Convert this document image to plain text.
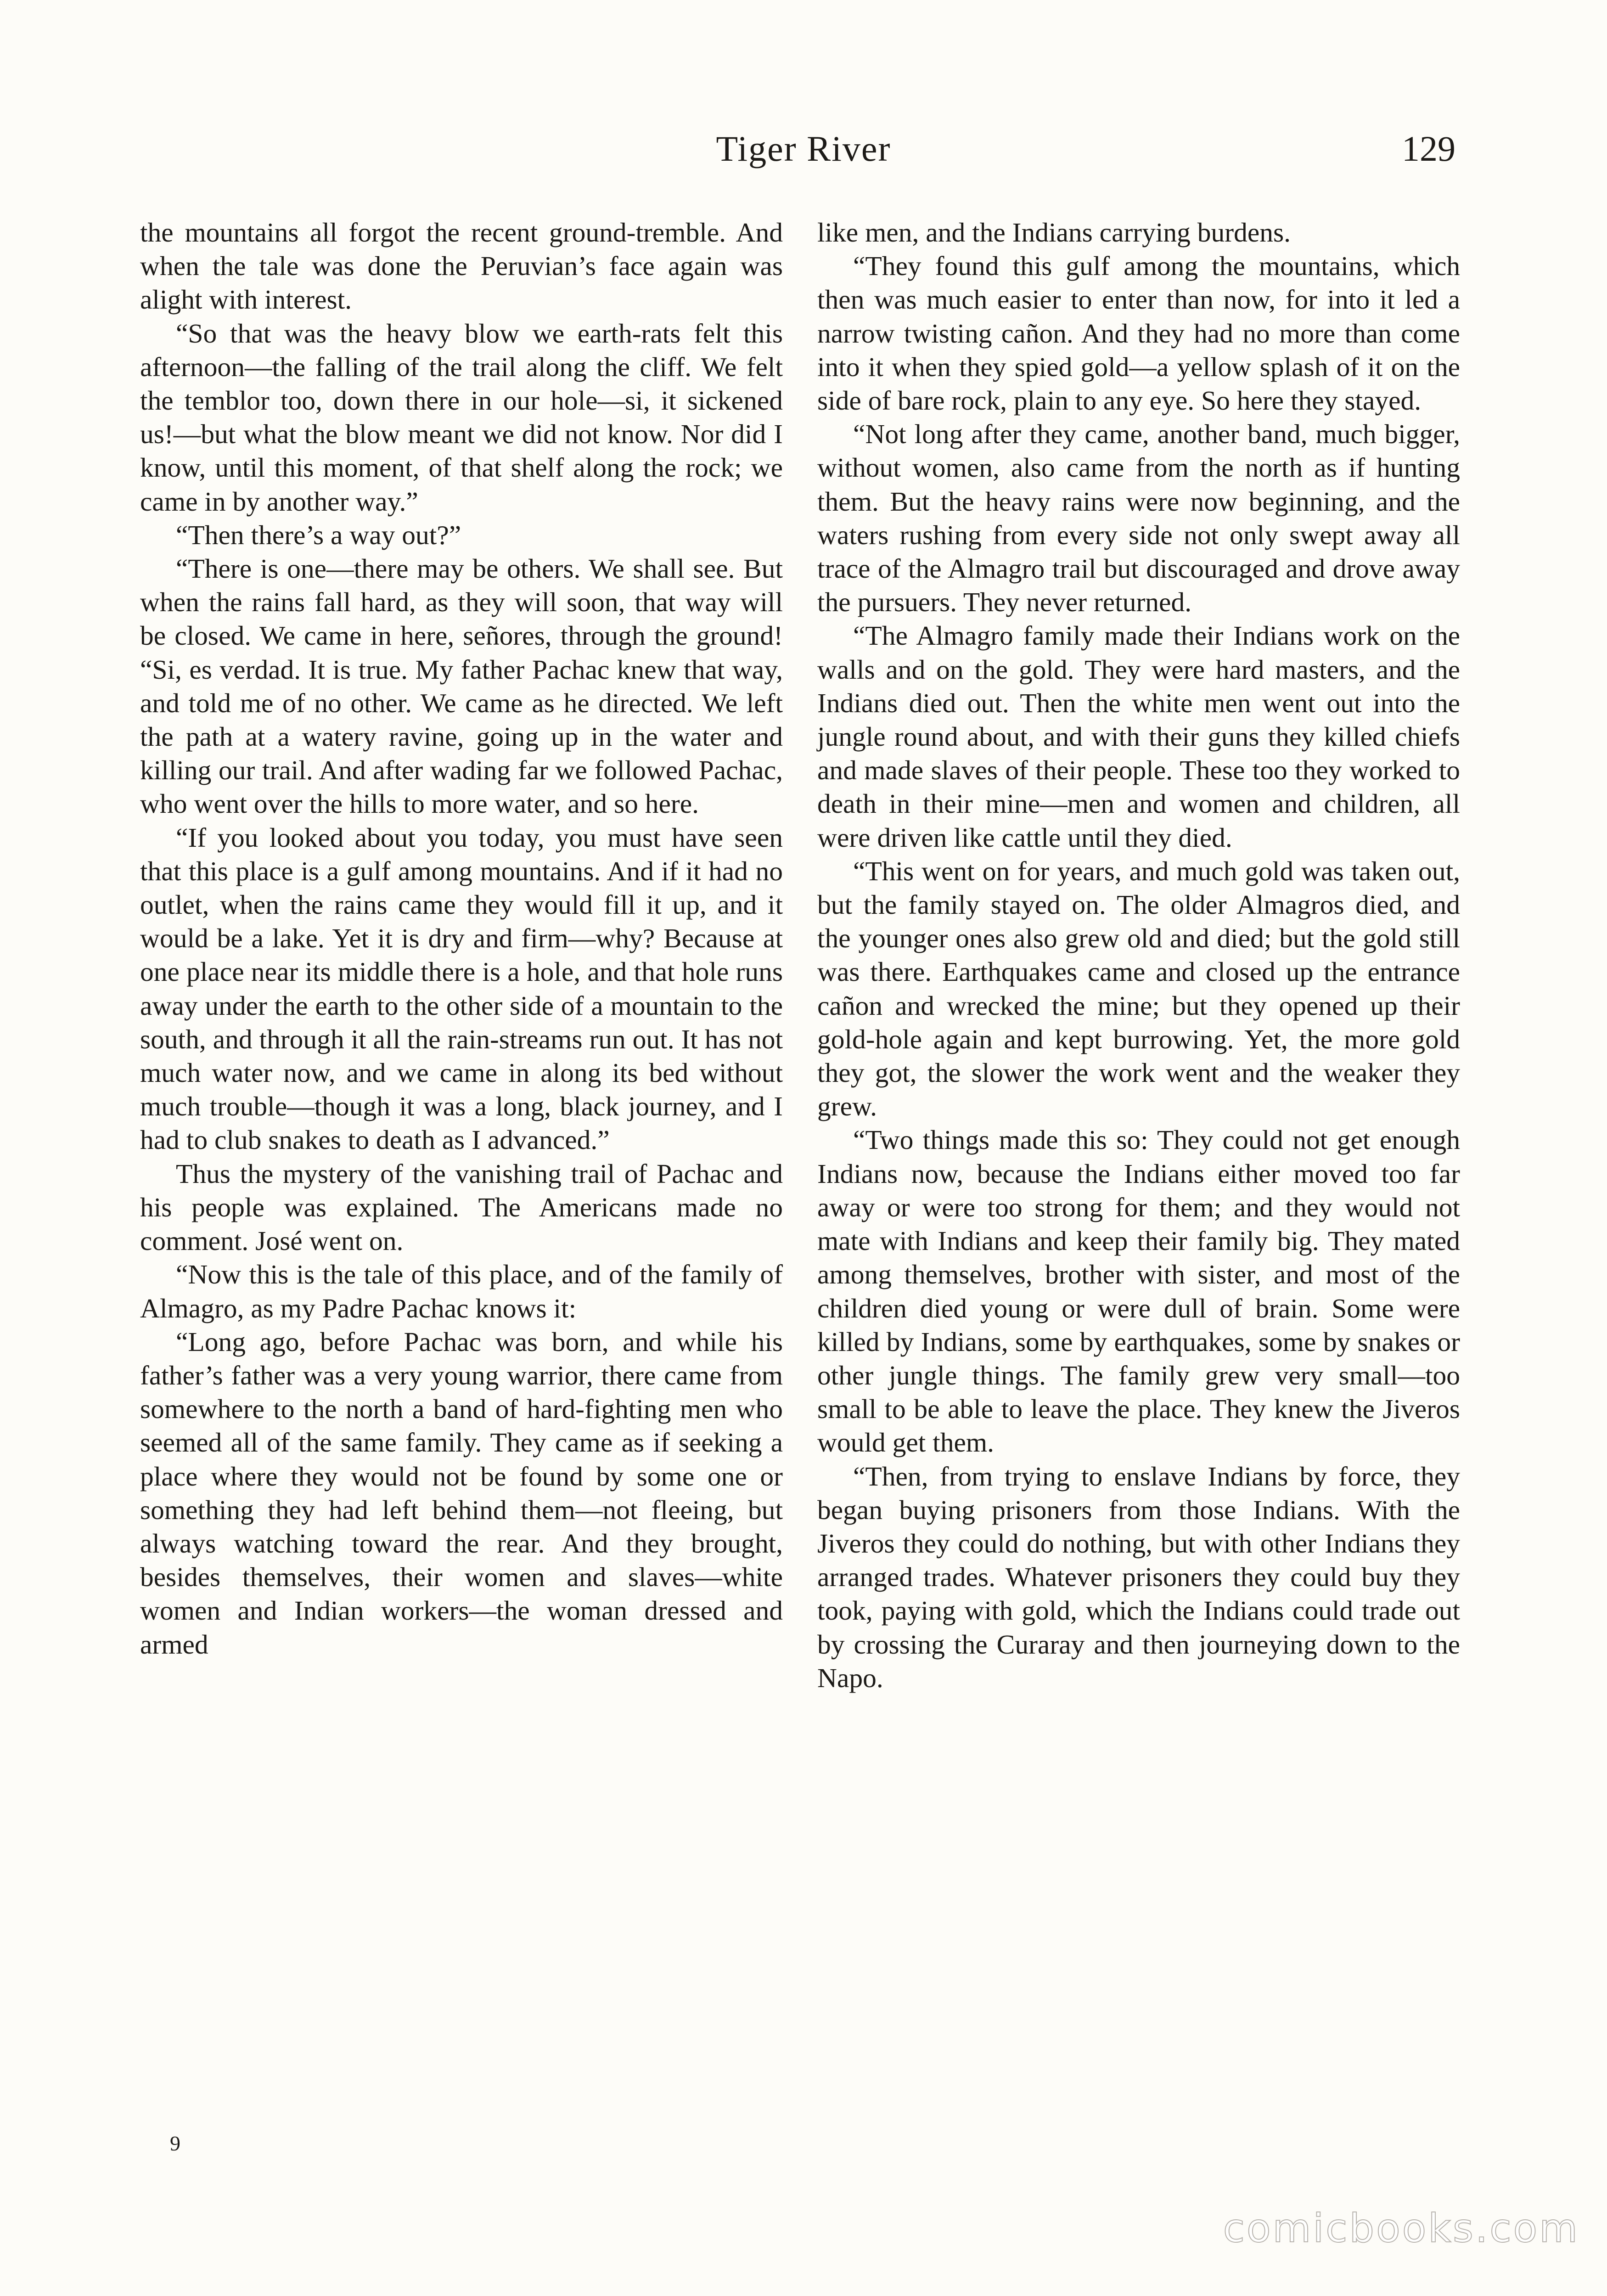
Tiger River	129

the mountains all forgot the recent ground-tremble. And when the tale was done the Peruvian’s face again was alight with interest.

“So that was the heavy blow we earth-rats felt this afternoon—the falling of the trail along the cliff. We felt the temblor too, down there in our hole—si, it sickened us!—but what the blow meant we did not know. Nor did I know, until this moment, of that shelf along the rock; we came in by another way.”

“Then there’s a way out?”

“There is one—there may be others. We shall see. But when the rains fall hard, as they will soon, that way will be closed. We came in here, señores, through the ground! “Si, es verdad. It is true. My father Pachac knew that way, and told me of no other. We came as he directed. We left the path at a watery ravine, going up in the water and killing our trail. And after wading far we followed Pachac, who went over the hills to more water, and so here.

“If you looked about you today, you must have seen that this place is a gulf among mountains. And if it had no outlet, when the rains came they would fill it up, and it would be a lake. Yet it is dry and firm—why? Because at one place near its middle there is a hole, and that hole runs away under the earth to the other side of a mountain to the south, and through it all the rain-streams run out. It has not much water now, and we came in along its bed without much trouble—though it was a long, black journey, and I had to club snakes to death as I advanced.”

Thus the mystery of the vanishing trail of Pachac and his people was explained. The Americans made no comment. José went on.

“Now this is the tale of this place, and of the family of Almagro, as my Padre Pachac knows it:

“Long ago, before Pachac was born, and while his father’s father was a very young warrior, there came from somewhere to the north a band of hard-fighting men who seemed all of the same family. They came as if seeking a place where they would not be found by some one or something they had left behind them—not fleeing, but always watching toward the rear. And they brought, besides themselves, their women and slaves—white women and Indian workers—the woman dressed and armed

like men, and the Indians carrying burdens.

“They found this gulf among the mountains, which then was much easier to enter than now, for into it led a narrow twisting cañon. And they had no more than come into it when they spied gold—a yellow splash of it on the side of bare rock, plain to any eye. So here they stayed.

“Not long after they came, another band, much bigger, without women, also came from the north as if hunting them. But the heavy rains were now beginning, and the waters rushing from every side not only swept away all trace of the Almagro trail but discouraged and drove away the pursuers. They never returned.

“The Almagro family made their Indians work on the walls and on the gold. They were hard masters, and the Indians died out. Then the white men went out into the jungle round about, and with their guns they killed chiefs and made slaves of their people. These too they worked to death in their mine—men and women and children, all were driven like cattle until they died.

“This went on for years, and much gold was taken out, but the family stayed on. The older Almagros died, and the younger ones also grew old and died; but the gold still was there. Earthquakes came and closed up the entrance cañon and wrecked the mine; but they opened up their gold-hole again and kept burrowing. Yet, the more gold they got, the slower the work went and the weaker they grew.

“Two things made this so: They could not get enough Indians now, because the Indians either moved too far away or were too strong for them; and they would not mate with Indians and keep their family big. They mated among themselves, brother with sister, and most of the children died young or were dull of brain. Some were killed by Indians, some by earthquakes, some by snakes or other jungle things. The family grew very small—too small to be able to leave the place. They knew the Jiveros would get them.

“Then, from trying to enslave Indians by force, they began buying prisoners from those Indians. With the Jiveros they could do nothing, but with other Indians they arranged trades. Whatever prisoners they could buy they took, paying with gold, which the Indians could trade out by crossing the Curaray and then journeying down to the Napo.

9
comicbooks.com
